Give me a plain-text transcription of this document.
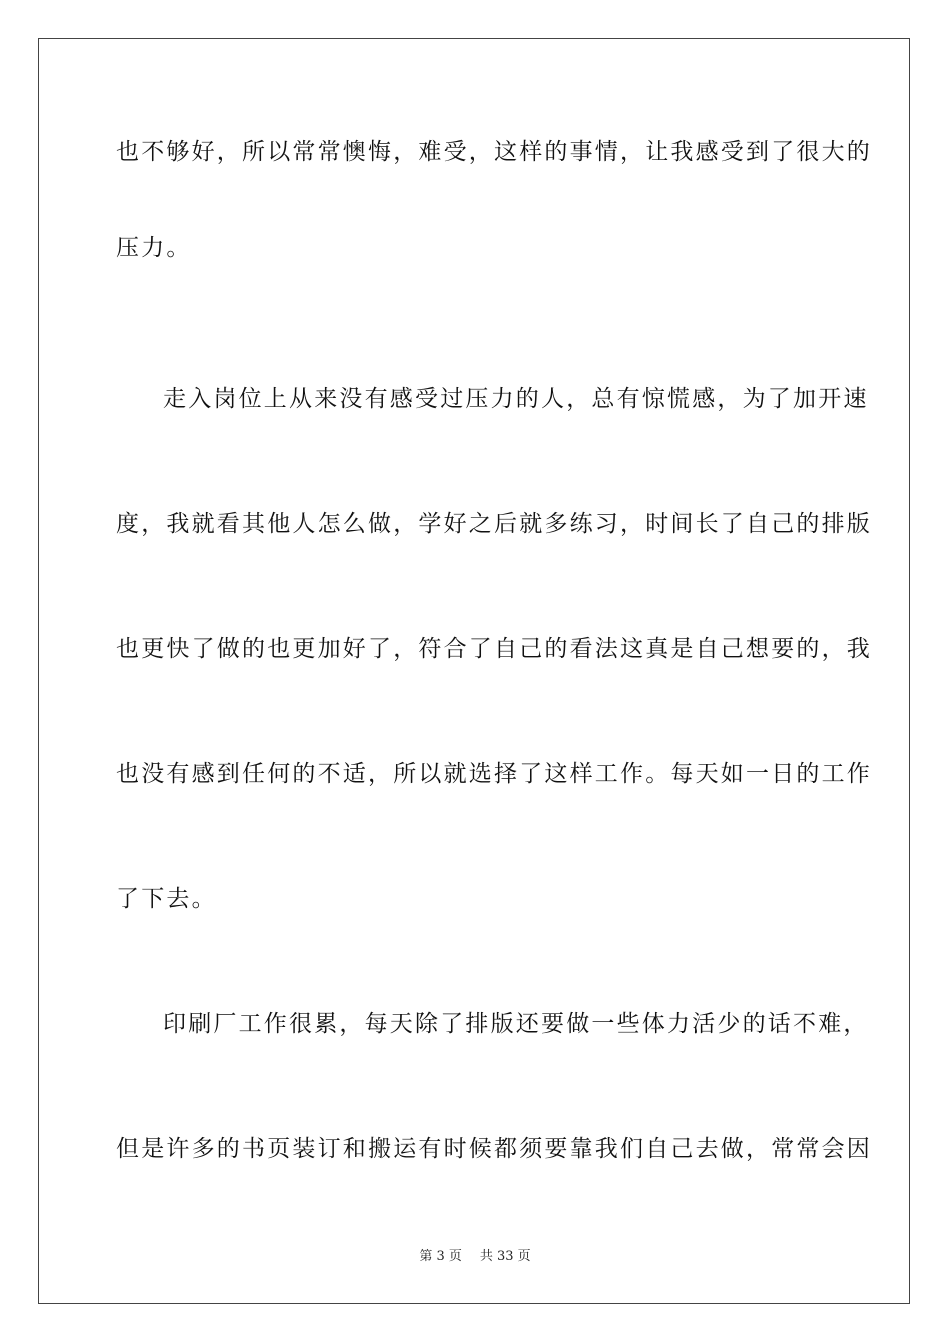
也不够好，所以常常懊悔，难受，这样的事情，让我感受到了很大的
压力。
走入岗位上从来没有感受过压力的人，总有惊慌感，为了加开速
度，我就看其他人怎么做，学好之后就多练习，时间长了自己的排版
也更快了做的也更加好了，符合了自己的看法这真是自己想要的，我
也没有感到任何的不适，所以就选择了这样工作。每天如一日的工作
了下去。
印刷厂工作很累，每天除了排版还要做一些体力活少的话不难，
但是许多的书页装订和搬运有时候都须要靠我们自己去做，常常会因
第 3 页 共 33 页
